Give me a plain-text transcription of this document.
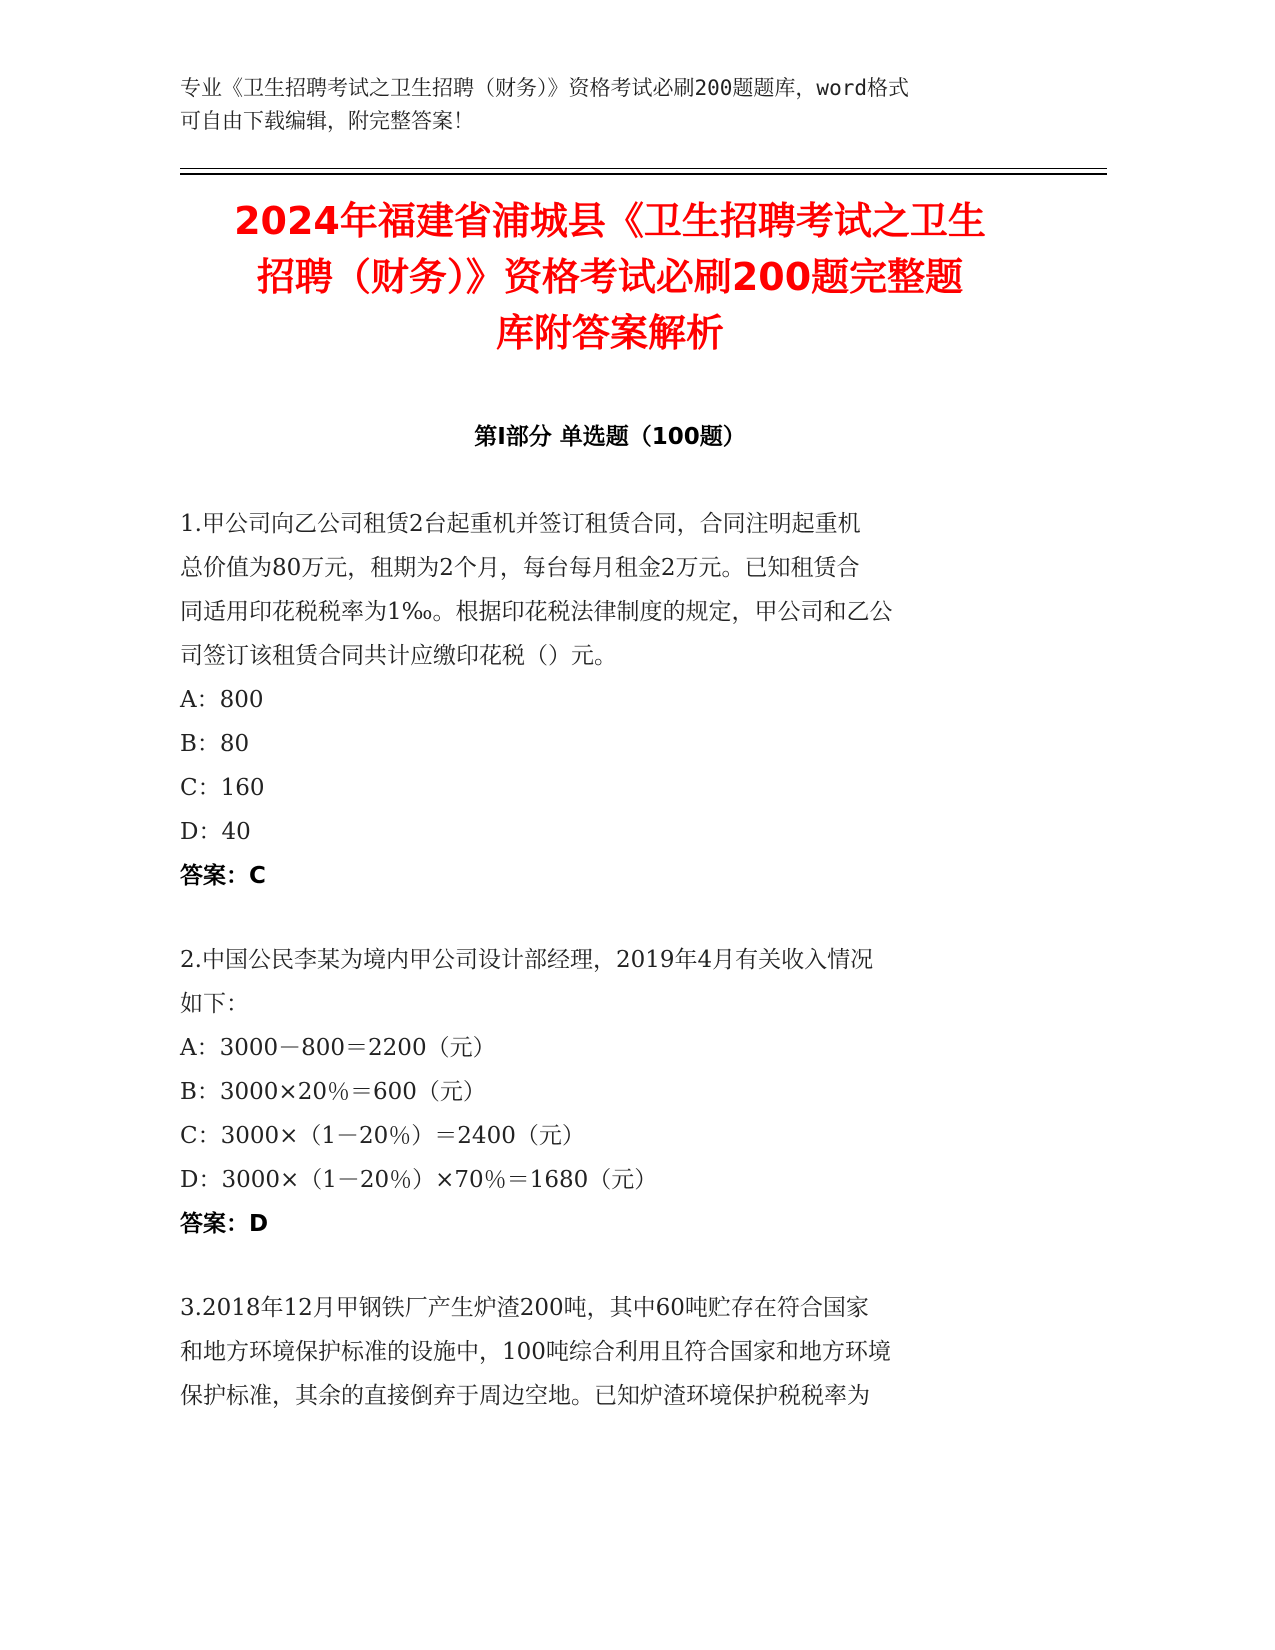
专业《卫生招聘考试之卫生招聘（财务）》资格考试必刷200题题库，word格式
可自由下载编辑，附完整答案！
2024年福建省浦城县《卫生招聘考试之卫生
招聘（财务）》资格考试必刷200题完整题
库附答案解析
第I部分 单选题（100题）
1.甲公司向乙公司租赁2台起重机并签订租赁合同，合同注明起重机
总价值为80万元，租期为2个月，每台每月租金2万元。已知租赁合
同适用印花税税率为1‰。根据印花税法律制度的规定，甲公司和乙公
司签订该租赁合同共计应缴印花税（）元。
A：800
B：80
C：160
D：40
答案：C
2.中国公民李某为境内甲公司设计部经理，2019年4月有关收入情况
如下：
A：3000－800＝2200（元）
B：3000×20％＝600（元）
C：3000×（1－20％）＝2400（元）
D：3000×（1－20％）×70％＝1680（元）
答案：D
3.2018年12月甲钢铁厂产生炉渣200吨，其中60吨贮存在符合国家
和地方环境保护标准的设施中，100吨综合利用且符合国家和地方环境
保护标准，其余的直接倒弃于周边空地。已知炉渣环境保护税税率为
